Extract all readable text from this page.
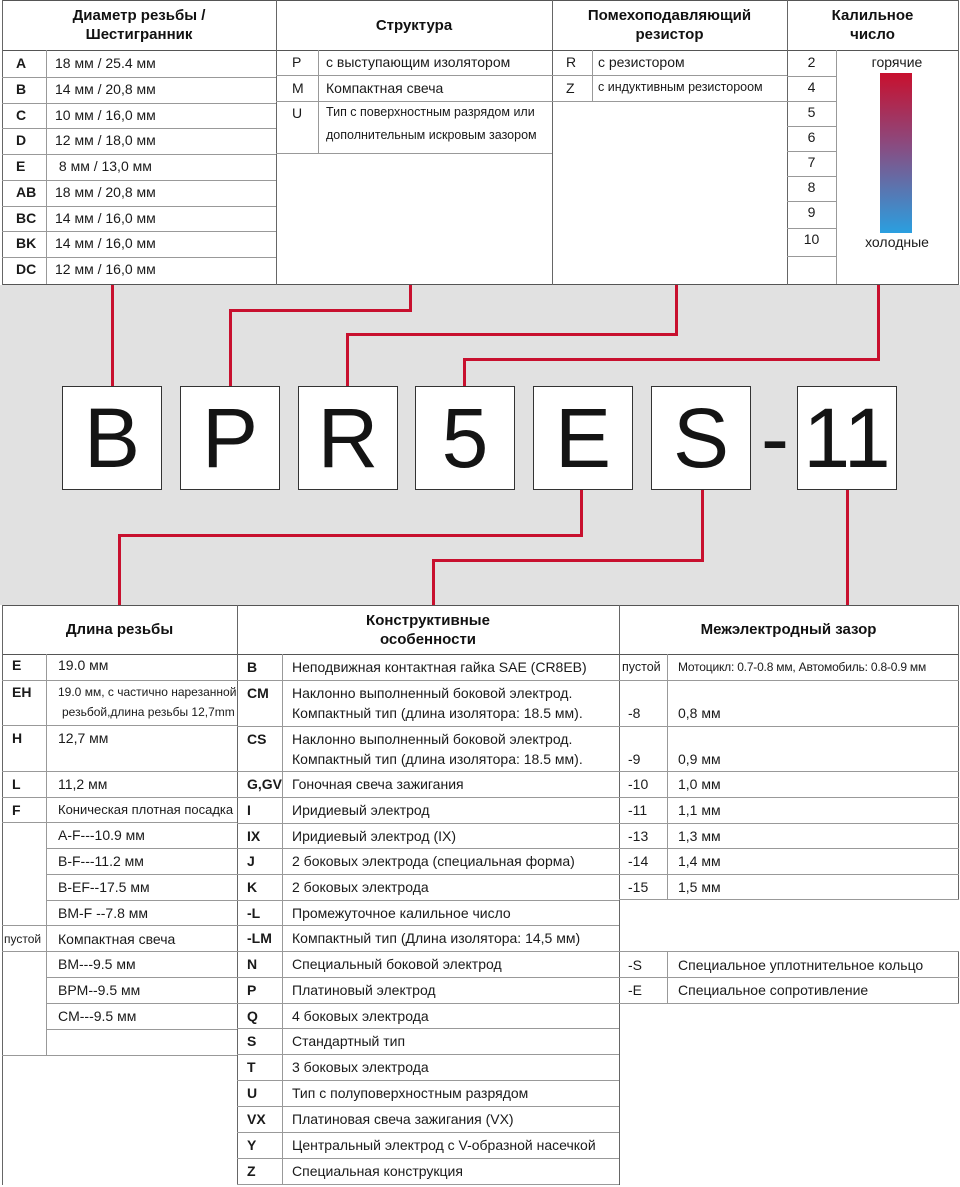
Диаметр резьбы / Шестигранник
Структура
Помехоподавляющий резистор
Калильное число
A 18 мм / 25.4 мм
B 14 мм / 20,8 мм
C 10 мм / 16,0 мм
D 12 мм / 18,0 мм
E 8 мм / 13,0 мм
AB 18 мм / 20,8 мм
BC 14 мм / 16,0 мм
BK 14 мм / 16,0 мм
DC 12 мм / 16,0 мм
P с выступающим изолятором
M Компактная свеча
U Тип с поверхностным разрядом или
дополнительным искровым зазором
R с резистором
Z с индуктивным резистороом
2
4
5
6
7
8
9
10
горячие
холодные
B P R 5 E S - 11
Длина резьбы
Конструктивные
особенности
Межэлектродный зазор
E	19.0 мм
EH 19.0 мм, с частично нарезанной
резьбой,длина резьбы 12,7mm
H	12,7 мм
L	11,2 мм
F	Коническая плотная посадка
A-F---10.9 мм
B-F---11.2 мм
B-EF--17.5 мм
BM-F --7.8 мм
пустой Компактная свеча
BM---9.5 мм
BPM--9.5 мм
CM---9.5 мм
B Неподвижная контактная гайка SAE (CR8EB)
CM Наклонно выполненный боковой электрод.
Компактный тип (длина изолятора: 18.5 мм).
CS Наклонно выполненный боковой электрод.
Компактный тип (длина изолятора: 18.5 мм).
G,GV Гоночная свеча зажигания
I	Иридиевый электрод
IX Иридиевый электрод (IX)
J	2 боковых электрода (специальная форма)
K 2 боковых электрода
-L Промежуточное калильное число
-LM Компактный тип (Длина изолятора: 14,5 мм)
N Специальный боковой электрод
P	Платиновый электрод
Q 4 боковых электрода
S	Стандартный тип
T	3 боковых электрода
U Тип с полуповерхностным разрядом
VX Платиновая свеча зажигания (VX)
Y	Центральный электрод с V-образной насечкой
Z	Специальная конструкция
пустой Мотоцикл: 0.7-0.8 мм, Автомобиль: 0.8-0.9 мм
-8	0,8 мм
-9	0,9 мм
-10 1,0 мм
-11 1,1 мм
-13 1,3 мм
-14 1,4 мм
-15 1,5 мм
-S	Специальное уплотнительное кольцо
-E	Специальное сопротивление
